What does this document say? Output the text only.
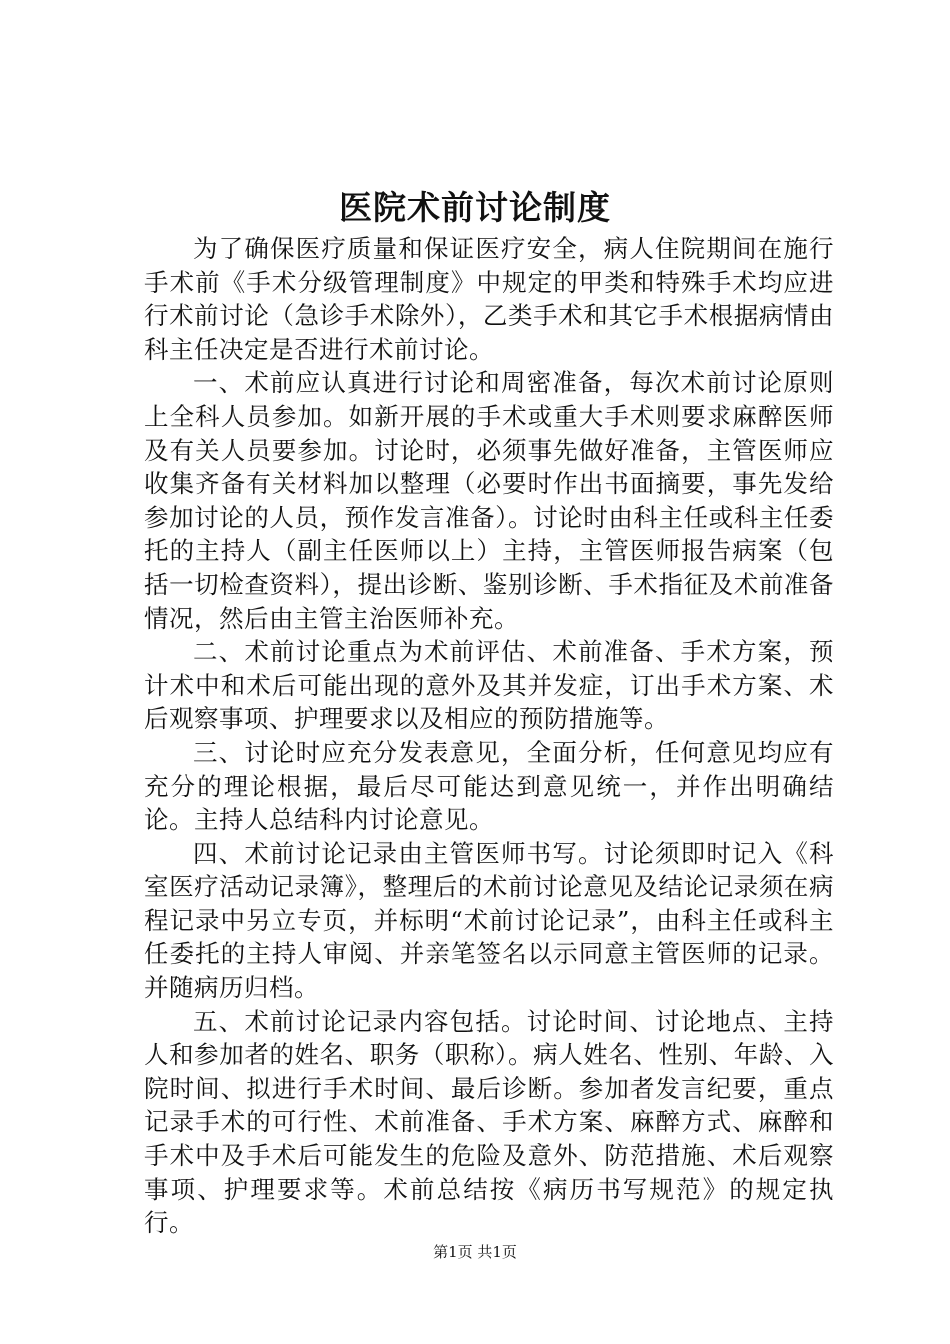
医院术前讨论制度

为了确保医疗质量和保证医疗安全，病人住院期间在施行手术前《手术分级管理制度》中规定的甲类和特殊手术均应进行术前讨论（急诊手术除外），乙类手术和其它手术根据病情由科主任决定是否进行术前讨论。

一、术前应认真进行讨论和周密准备，每次术前讨论原则上全科人员参加。如新开展的手术或重大手术则要求麻醉医师及有关人员要参加。讨论时，必须事先做好准备，主管医师应收集齐备有关材料加以整理（必要时作出书面摘要，事先发给参加讨论的人员，预作发言准备）。讨论时由科主任或科主任委托的主持人（副主任医师以上）主持，主管医师报告病案（包括一切检查资料），提出诊断、鉴别诊断、手术指征及术前准备情况，然后由主管主治医师补充。

二、术前讨论重点为术前评估、术前准备、手术方案，预计术中和术后可能出现的意外及其并发症，订出手术方案、术后观察事项、护理要求以及相应的预防措施等。

三、讨论时应充分发表意见，全面分析，任何意见均应有充分的理论根据，最后尽可能达到意见统一，并作出明确结论。主持人总结科内讨论意见。

四、术前讨论记录由主管医师书写。讨论须即时记入《科室医疗活动记录簿》，整理后的术前讨论意见及结论记录须在病程记录中另立专页，并标明“术前讨论记录”，由科主任或科主任委托的主持人审阅、并亲笔签名以示同意主管医师的记录。并随病历归档。

五、术前讨论记录内容包括。讨论时间、讨论地点、主持人和参加者的姓名、职务（职称）。病人姓名、性别、年龄、入院时间、拟进行手术时间、最后诊断。参加者发言纪要，重点记录手术的可行性、术前准备、手术方案、麻醉方式、麻醉和手术中及手术后可能发生的危险及意外、防范措施、术后观察事项、护理要求等。术前总结按《病历书写规范》的规定执行。

第1页 共1页
